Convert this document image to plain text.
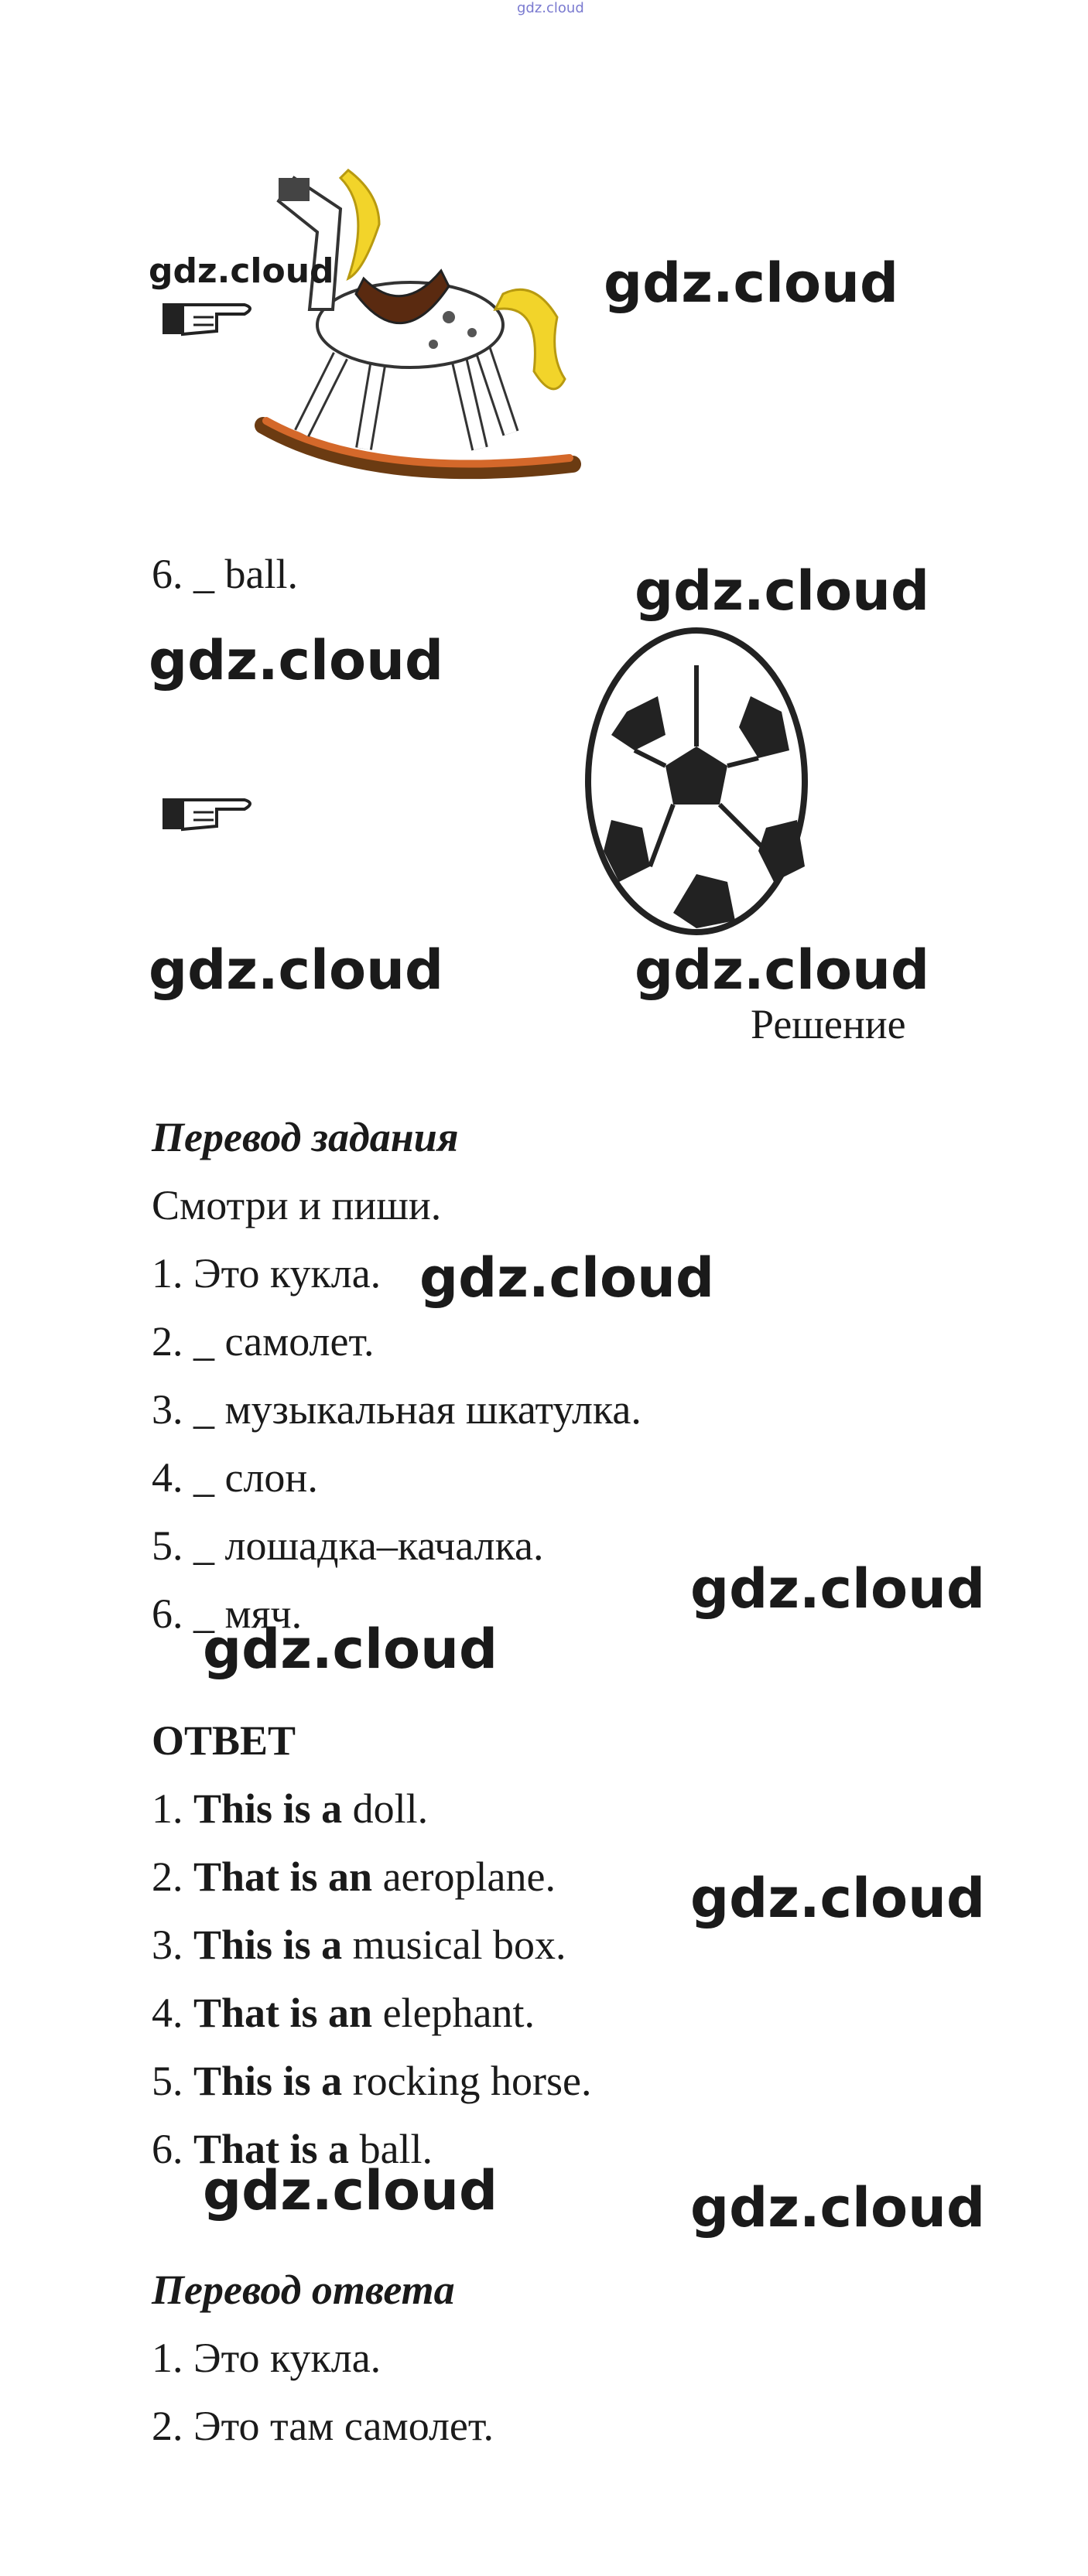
gdz.cloud
gdz.cloud	gdz.cloud
gdz.cloud
gdz.cloud
gdz.cloud	gdz.cloud
gdz.cloud
gdz.cloud
gdz.cloud
gdz.cloud
gdz.cloud	gdz.cloud
6. _ ball.
Решение
Перевод задания
Смотри и пиши.
1. Это кукла.
2. _ самолет.
3. _ музыкальная шкатулка.
4. _ слон.
5. _ лошадка–качалка.
6. _ мяч.
ОТВЕТ
1. This is a doll.
2. That is an aeroplane.
3. This is a musical box.
4. That is an elephant.
5. This is a rocking horse.
6. That is a ball.
Перевод ответа
1. Это кукла.
2. Это там самолет.
